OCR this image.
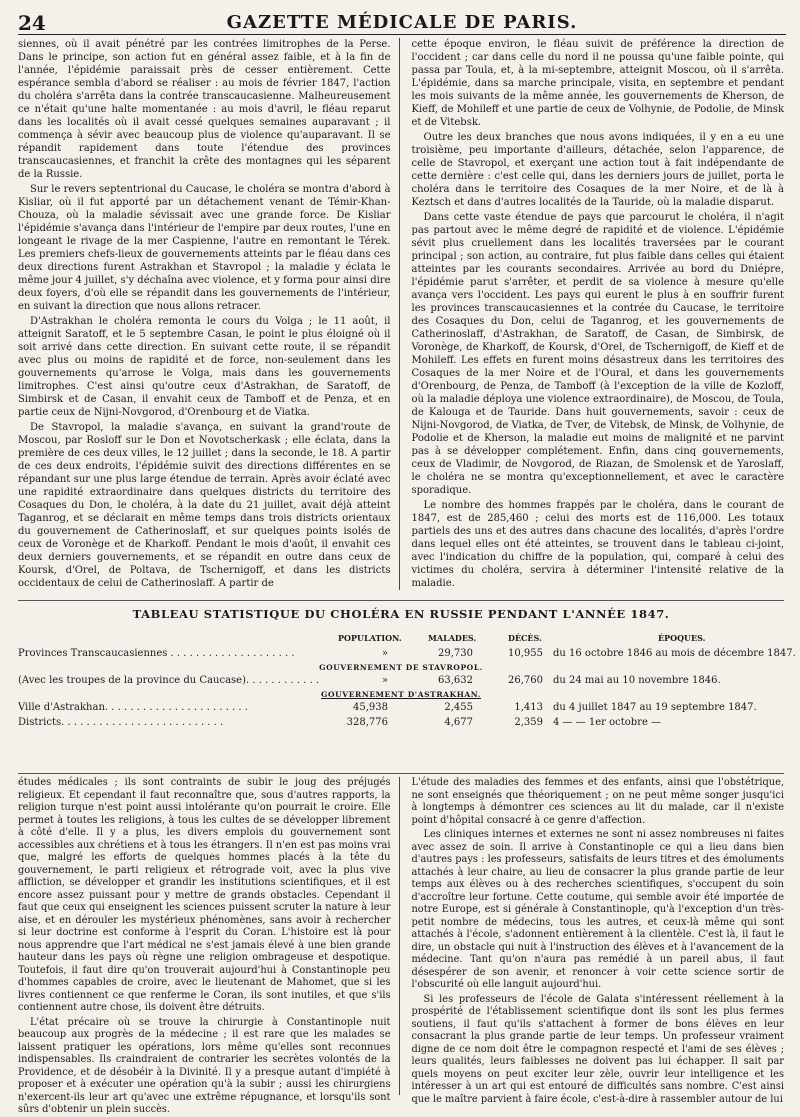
24	GAZETTE MÉDICALE DE PARIS.

siennes, où il avait pénétré par les contrées limitrophes de la Perse. Dans le principe, son action fut en général assez faible, et à la fin de l'année, l'épidémie paraissait près de cesser entièrement. Cette espérance sembla d'abord se réaliser : au mois de février 1847, l'action du choléra s'arrêta dans la contrée transcaucasienne. Malheureusement ce n'était qu'une halte momentanée : au mois d'avril, le fléau reparut dans les localités où il avait cessé quelques semaines auparavant ; il commença à sévir avec beaucoup plus de violence qu'auparavant. Il se répandit rapidement dans toute l'étendue des provinces transcaucasiennes, et franchit la crête des montagnes qui les séparent de la Russie.

Sur le revers septentrional du Caucase, le choléra se montra d'abord à Kisliar, où il fut apporté par un détachement venant de Témir-Khan-Chouza, où la maladie sévissait avec une grande force. De Kisliar l'épidémie s'avança dans l'intérieur de l'empire par deux routes, l'une en longeant le rivage de la mer Caspienne, l'autre en remontant le Térek. Les premiers chefs-lieux de gouvernements atteints par le fléau dans ces deux directions furent Astrakhan et Stavropol ; la maladie y éclata le même jour 4 juillet, s'y déchaîna avec violence, et y forma pour ainsi dire deux foyers, d'où elle se répandit dans les gouvernements de l'intérieur, en suivant la direction que nous allons retracer.

D'Astrakhan le choléra remonta le cours du Volga ; le 11 août, il atteignit Saratoff, et le 5 septembre Casan, le point le plus éloigné où il soit arrivé dans cette direction. En suivant cette route, il se répandit avec plus ou moins de rapidité et de force, non-seulement dans les gouvernements qu'arrose le Volga, mais dans les gouvernements limitrophes. C'est ainsi qu'outre ceux d'Astrakhan, de Saratoff, de Simbirsk et de Casan, il envahit ceux de Tamboff et de Penza, et en partie ceux de Nijni-Novgorod, d'Orenbourg et de Viatka.

De Stavropol, la maladie s'avança, en suivant la grand'route de Moscou, par Rosloff sur le Don et Novotscherkask ; elle éclata, dans la première de ces deux villes, le 12 juillet ; dans la seconde, le 18. A partir de ces deux endroits, l'épidémie suivit des directions différentes en se répandant sur une plus large étendue de terrain. Après avoir éclaté avec une rapidité extraordinaire dans quelques districts du territoire des Cosaques du Don, le choléra, à la date du 21 juillet, avait déjà atteint Taganrog, et se déclarait en même temps dans trois districts orientaux du gouvernement de Catherinoslaff, et sur quelques points isolés de ceux de Voronège et de Kharkoff. Pendant le mois d'août, il envahit ces deux derniers gouvernements, et se répandit en outre dans ceux de Koursk, d'Orel, de Poltava, de Tschernigoff, et dans les districts occidentaux de celui de Catherinoslaff. A partir de

cette époque environ, le fléau suivit de préférence la direction de l'occident ; car dans celle du nord il ne poussa qu'une faible pointe, qui passa par Toula, et, à la mi-septembre, atteignit Moscou, où il s'arrêta. L'épidémie, dans sa marche principale, visita, en septembre et pendant les mois suivants de la même année, les gouvernements de Kherson, de Kieff, de Mohileff et une partie de ceux de Volhynie, de Podolie, de Minsk et de Vitebsk.

Outre les deux branches que nous avons indiquées, il y en a eu une troisième, peu importante d'ailleurs, détachée, selon l'apparence, de celle de Stavropol, et exerçant une action tout à fait indépendante de cette dernière : c'est celle qui, dans les derniers jours de juillet, porta le choléra dans le territoire des Cosaques de la mer Noire, et de là à Keztsch et dans d'autres localités de la Tauride, où la maladie disparut.

Dans cette vaste étendue de pays que parcourut le choléra, il n'agit pas partout avec le même degré de rapidité et de violence. L'épidémie sévit plus cruellement dans les localités traversées par le courant principal ; son action, au contraire, fut plus faible dans celles qui étaient atteintes par les courants secondaires. Arrivée au bord du Dniépre, l'épidémie parut s'arrêter, et perdit de sa violence à mesure qu'elle avança vers l'occident. Les pays qui eurent le plus à en souffrir furent les provinces transcaucasiennes et la contrée du Caucase, le territoire des Cosaques du Don, celui de Taganrog, et les gouvernements de Catherinoslaff, d'Astrakhan, de Saratoff, de Casan, de Simbirsk, de Voronège, de Kharkoff, de Koursk, d'Orel, de Tschernigoff, de Kieff et de Mohileff. Les effets en furent moins désastreux dans les territoires des Cosaques de la mer Noire et de l'Oural, et dans les gouvernements d'Orenbourg, de Penza, de Tamboff (à l'exception de la ville de Kozloff, où la maladie déploya une violence extraordinaire), de Moscou, de Toula, de Kalouga et de Tauride. Dans huit gouvernements, savoir : ceux de Nijni-Novgorod, de Viatka, de Tver, de Vitebsk, de Minsk, de Volhynie, de Podolie et de Kherson, la maladie eut moins de malignité et ne parvint pas à se développer complétement. Enfin, dans cinq gouvernements, ceux de Vladimir, de Novgorod, de Riazan, de Smolensk et de Yaroslaff, le choléra ne se montra qu'exceptionnellement, et avec le caractère sporadique.

Le nombre des hommes frappés par le choléra, dans le courant de 1847, est de 285,460 ; celui des morts est de 116,000. Les totaux partiels des uns et des autres dans chacune des localités, d'après l'ordre dans lequel elles ont été atteintes, se trouvent dans le tableau ci-joint, avec l'indication du chiffre de la population, qui, comparé à celui des victimes du choléra, servira à déterminer l'intensité relative de la maladie.

TABLEAU STATISTIQUE DU CHOLÉRA EN RUSSIE PENDANT L'ANNÉE 1847.
POPULATION.	MALADES.	DÉCÈS.	ÉPOQUES.
Provinces Transcaucasiennes . . . . . . . . . . . . . . . . . . . .	»	29,730	10,955 du 16 octobre 1846 au mois de décembre 1847.
GOUVERNEMENT DE STAVROPOL.
(Avec les troupes de la province du Caucase). . . . . . . . . . . .	»	63,632	26,760 du 24 mai au 10 novembre 1846.
GOUVERNEMENT D'ASTRAKHAN.
Ville d'Astrakhan. . . . . . . . . . . . . . . . . . . . . . .	45,938	2,455	1,413 du 4 juillet 1847 au 19 septembre 1847.
Districts. . . . . . . . . . . . . . . . . . . . . . . . . .	328,776	4,677	2,359 4 — — 1er octobre —

études médicales ; ils sont contraints de subir le joug des préjugés religieux. Et cependant il faut reconnaître que, sous d'autres rapports, la religion turque n'est point aussi intolérante qu'on pourrait le croire. Elle permet à toutes les religions, à tous les cultes de se développer librement à côté d'elle. Il y a plus, les divers emplois du gouvernement sont accessibles aux chrétiens et à tous les étrangers. Il n'en est pas moins vrai que, malgré les efforts de quelques hommes placés à la tête du gouvernement, le parti religieux et rétrograde voit, avec la plus vive affliction, se développer et grandir les institutions scientifiques, et il est encore assez puissant pour y mettre de grands obstacles. Cependant il faut que ceux qui enseignent les sciences puissent scruter la nature à leur aise, et en dérouler les mystérieux phénomènes, sans avoir à rechercher si leur doctrine est conforme à l'esprit du Coran. L'histoire est là pour nous apprendre que l'art médical ne s'est jamais élevé à une bien grande hauteur dans les pays où règne une religion ombrageuse et despotique. Toutefois, il faut dire qu'on trouverait aujourd'hui à Constantinople peu d'hommes capables de croire, avec le lieutenant de Mahomet, que si les livres contiennent ce que renferme le Coran, ils sont inutiles, et que s'ils contiennent autre chose, ils doivent être détruits.

L'état précaire où se trouve la chirurgie à Constantinople nuit beaucoup aux progrès de la médecine ; il est rare que les malades se laissent pratiquer les opérations, lors même qu'elles sont reconnues indispensables. Ils craindraient de contrarier les secrètes volontés de la Providence, et de désobéir à la Divinité. Il y a presque autant d'impiété à proposer et à exécuter une opération qu'à la subir ; aussi les chirurgiens n'exercent-ils leur art qu'avec une extrême répugnance, et lorsqu'ils sont sûrs d'obtenir un plein succès.

L'étude des maladies des femmes et des enfants, ainsi que l'obstétrique, ne sont enseignés que théoriquement ; on ne peut même songer jusqu'ici à longtemps à démontrer ces sciences au lit du malade, car il n'existe point d'hôpital consacré à ce genre d'affection.

Les cliniques internes et externes ne sont ni assez nombreuses ni faites avec assez de soin. Il arrive à Constantinople ce qui a lieu dans bien d'autres pays : les professeurs, satisfaits de leurs titres et des émoluments attachés à leur chaire, au lieu de consacrer la plus grande partie de leur temps aux élèves ou à des recherches scientifiques, s'occupent du soin d'accroître leur fortune. Cette coutume, qui semble avoir été importée de notre Europe, est si générale à Constantinople, qu'à l'exception d'un très-petit nombre de médecins, tous les autres, et ceux-là même qui sont attachés à l'école, s'adonnent entièrement à la clientèle. C'est là, il faut le dire, un obstacle qui nuit à l'instruction des élèves et à l'avancement de la médecine. Tant qu'on n'aura pas remédié à un pareil abus, il faut désespérer de son avenir, et renoncer à voir cette science sortir de l'obscurité où elle languit aujourd'hui.

Si les professeurs de l'école de Galata s'intéressent réellement à la prospérité de l'établissement scientifique dont ils sont les plus fermes soutiens, il faut qu'ils s'attachent à former de bons élèves en leur consacrant la plus grande partie de leur temps. Un professeur vraiment digne de ce nom doit être le compagnon respecté et l'ami de ses élèves ; leurs qualités, leurs faiblesses ne doivent pas lui échapper. Il sait par quels moyens on peut exciter leur zèle, ouvrir leur intelligence et les intéresser à un art qui est entouré de difficultés sans nombre. C'est ainsi que le maître parvient à faire école, c'est-à-dire à rassembler autour de lui
